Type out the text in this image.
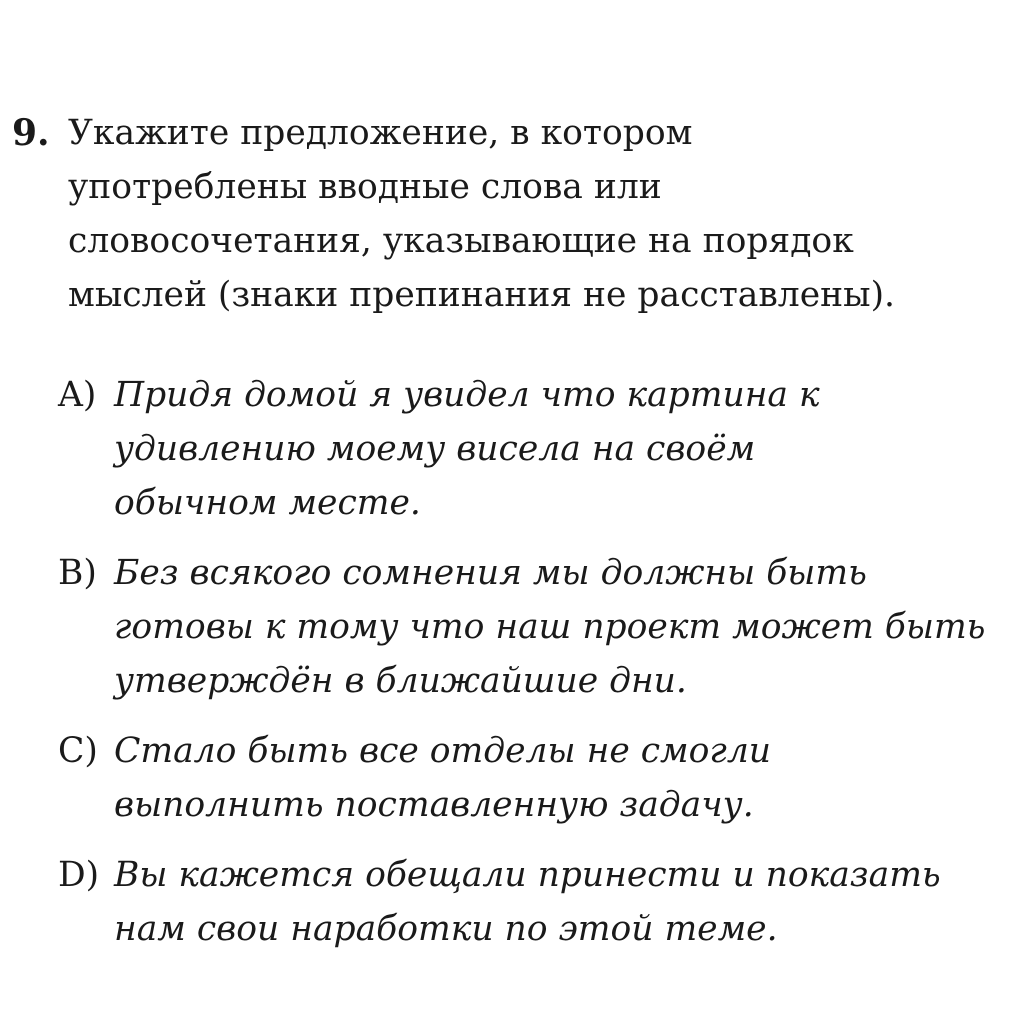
9. Укажите предложение, в котором
употреблены вводные слова или
словосочетания, указывающие на порядок
мыслей (знаки препинания не расставлены).

A) Придя домой я увидел что картина к
удивлению моему висела на своём
обычном месте.

B) Без всякого сомнения мы должны быть
готовы к тому что наш проект может быть
утверждён в ближайшие дни.

C) Стало быть все отделы не смогли
выполнить поставленную задачу.

D) Вы кажется обещали принести и показать
нам свои наработки по этой теме.
